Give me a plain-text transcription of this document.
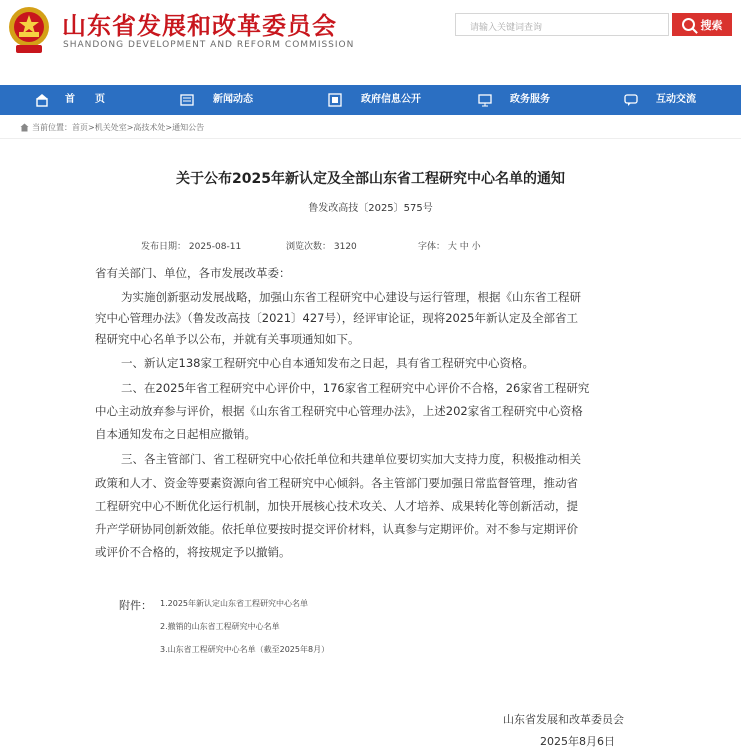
山东省发展和改革委员会
SHANDONG DEVELOPMENT AND REFORM COMMISSION
请输入关键词查询	搜索
首　　页	新闻动态	政府信息公开	政务服务	互动交流
当前位置： 首页>机关处室>高技术处>通知公告
关于公布2025年新认定及全部山东省工程研究中心名单的通知
鲁发改高技〔2025〕575号
发布日期： 2025-08-11	浏览次数： 3120	字体： 大 中 小
省有关部门、单位，各市发展改革委：
为实施创新驱动发展战略，加强山东省工程研究中心建设与运行管理，根据《山东省工程研
究中心管理办法》（鲁发改高技〔2021〕427号），经评审论证，现将2025年新认定及全部省工
程研究中心名单予以公布，并就有关事项通知如下。
一、新认定138家工程研究中心自本通知发布之日起，具有省工程研究中心资格。
二、在2025年省工程研究中心评价中，176家省工程研究中心评价不合格，26家省工程研究
中心主动放弃参与评价，根据《山东省工程研究中心管理办法》，上述202家省工程研究中心资格
自本通知发布之日起相应撤销。
三、各主管部门、省工程研究中心依托单位和共建单位要切实加大支持力度，积极推动相关
政策和人才、资金等要素资源向省工程研究中心倾斜。各主管部门要加强日常监督管理，推动省
工程研究中心不断优化运行机制，加快开展核心技术攻关、人才培养、成果转化等创新活动，提
升产学研协同创新效能。依托单位要按时提交评价材料，认真参与定期评价。对不参与定期评价
或评价不合格的，将按规定予以撤销。
附件： 1.2025年新认定山东省工程研究中心名单
2.撤销的山东省工程研究中心名单
3.山东省工程研究中心名单（截至2025年8月）
山东省发展和改革委员会
2025年8月6日
